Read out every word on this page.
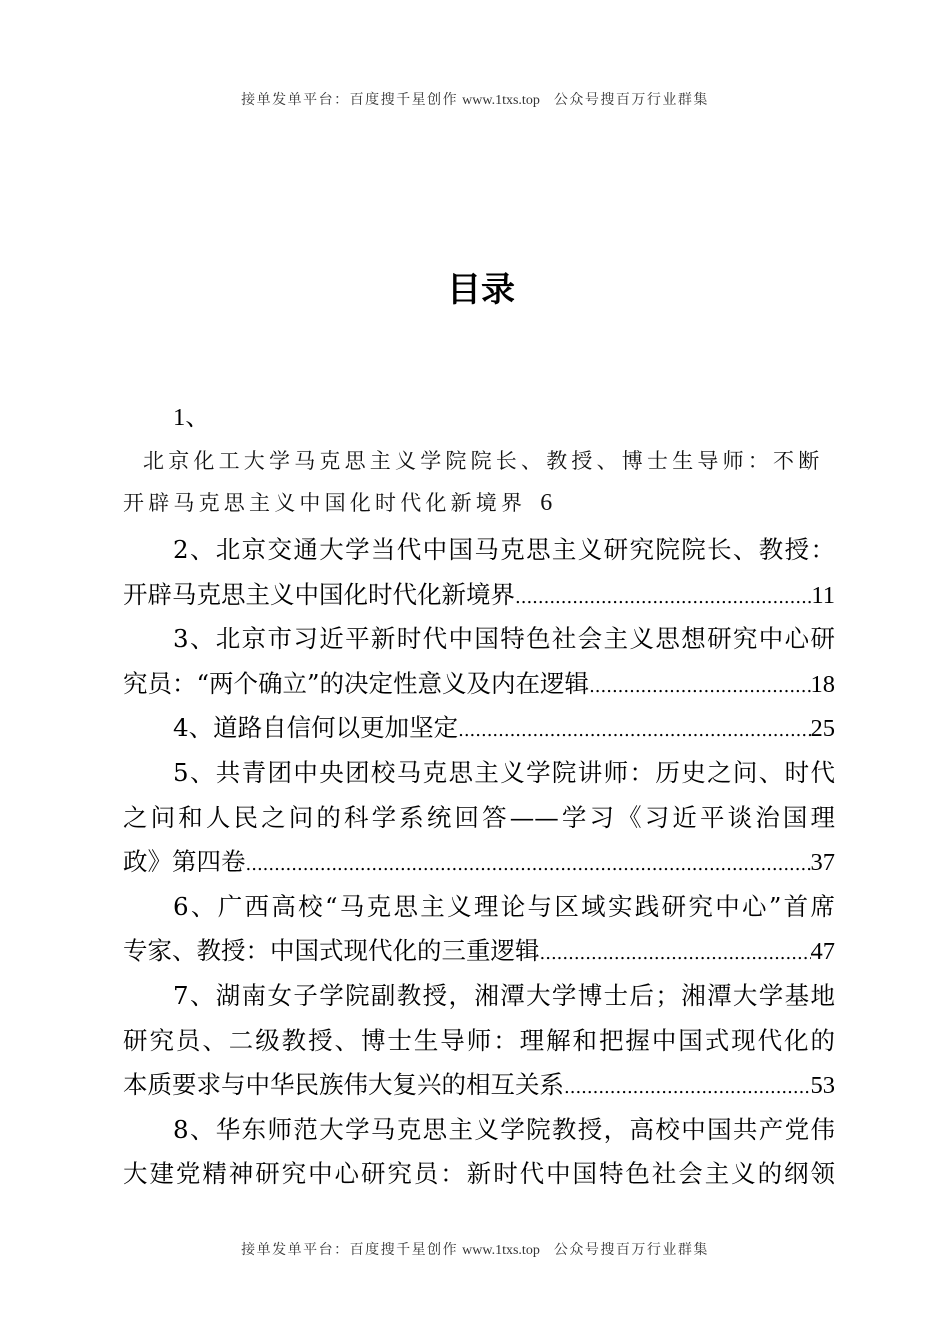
接单发单平台：百度搜千星创作 www.1txs.top 公众号搜百万行业群集
目录
1、
北京化工大学马克思主义学院院长、教授、博士生导师：不断
开辟马克思主义中国化时代化新境界 6
2、北京交通大学当代中国马克思主义研究院院长、教授：
开辟马克思主义中国化时代化新境界 .....	11
3、北京市习近平新时代中国特色社会主义思想研究中心研
究员：“两个确立”的决定性意义及内在逻辑 .....	18
4、道路自信何以更加坚定 .....	25
5、共青团中央团校马克思主义学院讲师：历史之问、时代
之问和人民之问的科学系统回答——学习《习近平谈治国理
政》第四卷 .....	37
6、广西高校“马克思主义理论与区域实践研究中心”首席
专家、教授：中国式现代化的三重逻辑 .....	47
7、湖南女子学院副教授，湘潭大学博士后；湘潭大学基地
研究员、二级教授、博士生导师：理解和把握中国式现代化的
本质要求与中华民族伟大复兴的相互关系 .....	53
8、华东师范大学马克思主义学院教授，高校中国共产党伟
大建党精神研究中心研究员：新时代中国特色社会主义的纲领
接单发单平台：百度搜千星创作 www.1txs.top 公众号搜百万行业群集
